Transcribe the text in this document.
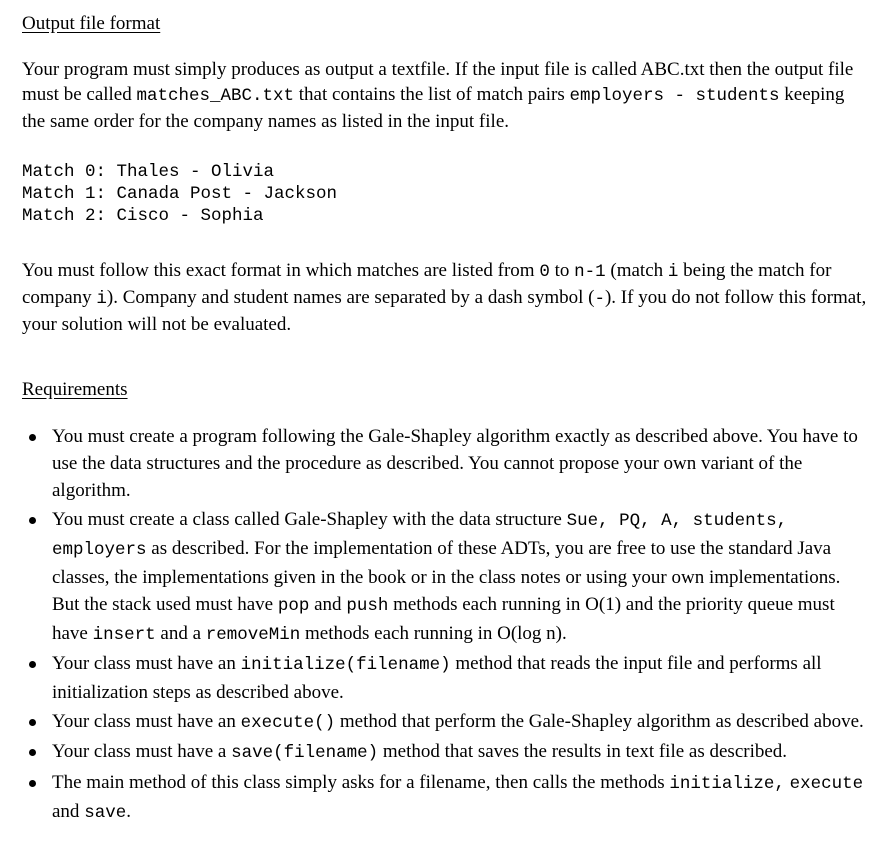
Output file format

Your program must simply produces as output a textfile. If the input file is called ABC.txt then the output file must be called matches_ABC.txt that contains the list of match pairs employers - students keeping the same order for the company names as listed in the input file.

Match 0: Thales - Olivia
Match 1: Canada Post - Jackson
Match 2: Cisco - Sophia

You must follow this exact format in which matches are listed from 0 to n-1 (match i being the match for company i). Company and student names are separated by a dash symbol (-). If you do not follow this format, your solution will not be evaluated.

Requirements
You must create a program following the Gale-Shapley algorithm exactly as described above. You have to use the data structures and the procedure as described. You cannot propose your own variant of the algorithm.
You must create a class called Gale-Shapley with the data structure Sue, PQ, A, students, employers as described. For the implementation of these ADTs, you are free to use the standard Java classes, the implementations given in the book or in the class notes or using your own implementations. But the stack used must have pop and push methods each running in O(1) and the priority queue must have insert and a removeMin methods each running in O(log n).
Your class must have an initialize(filename) method that reads the input file and performs all initialization steps as described above.
Your class must have an execute() method that perform the Gale-Shapley algorithm as described above.
Your class must have a save(filename) method that saves the results in text file as described.
The main method of this class simply asks for a filename, then calls the methods initialize, execute and save.
